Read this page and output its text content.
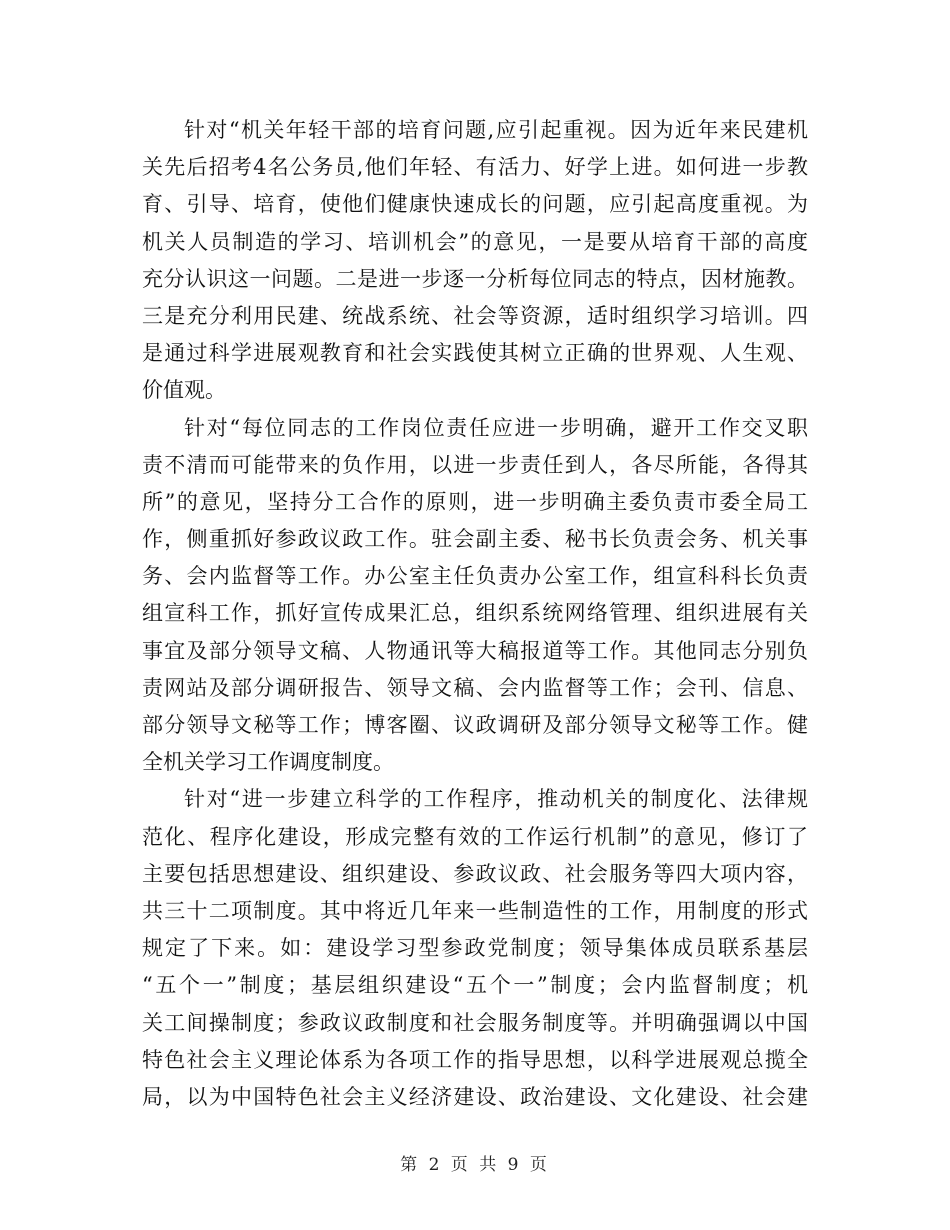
针对“机关年轻干部的培育问题,应引起重视。因为近年来民建机
关先后招考4名公务员,他们年轻、有活力、好学上进。如何进一步教
育、引导、培育，使他们健康快速成长的问题，应引起高度重视。为
机关人员制造的学习、培训机会”的意见，一是要从培育干部的高度
充分认识这一问题。二是进一步逐一分析每位同志的特点，因材施教。
三是充分利用民建、统战系统、社会等资源，适时组织学习培训。四
是通过科学进展观教育和社会实践使其树立正确的世界观、人生观、
价值观。
针对“每位同志的工作岗位责任应进一步明确，避开工作交叉职
责不清而可能带来的负作用，以进一步责任到人，各尽所能，各得其
所”的意见，坚持分工合作的原则，进一步明确主委负责市委全局工
作，侧重抓好参政议政工作。驻会副主委、秘书长负责会务、机关事
务、会内监督等工作。办公室主任负责办公室工作，组宣科科长负责
组宣科工作，抓好宣传成果汇总，组织系统网络管理、组织进展有关
事宜及部分领导文稿、人物通讯等大稿报道等工作。其他同志分别负
责网站及部分调研报告、领导文稿、会内监督等工作；会刊、信息、
部分领导文秘等工作；博客圈、议政调研及部分领导文秘等工作。健
全机关学习工作调度制度。
针对“进一步建立科学的工作程序，推动机关的制度化、法律规
范化、程序化建设，形成完整有效的工作运行机制”的意见，修订了
主要包括思想建设、组织建设、参政议政、社会服务等四大项内容，
共三十二项制度。其中将近几年来一些制造性的工作，用制度的形式
规定了下来。如：建设学习型参政党制度；领导集体成员联系基层
“五个一”制度；基层组织建设“五个一”制度；会内监督制度；机
关工间操制度；参政议政制度和社会服务制度等。并明确强调以中国
特色社会主义理论体系为各项工作的指导思想，以科学进展观总揽全
局，以为中国特色社会主义经济建设、政治建设、文化建设、社会建
第 2 页 共 9 页
